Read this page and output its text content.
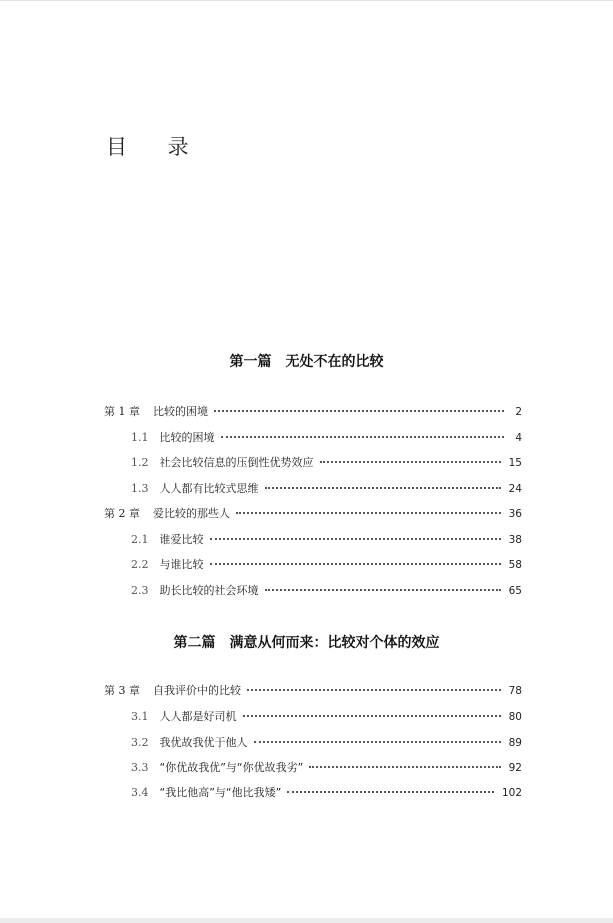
目 录
第一篇　无处不在的比较
第 1 章 比较的困境	2
1.1 比较的困境	4
1.2 社会比较信息的压倒性优势效应	15
1.3 人人都有比较式思维	24
第 2 章 爱比较的那些人	36
2.1 谁爱比较	38
2.2 与谁比较	58
2.3 助长比较的社会环境	65
第二篇　满意从何而来：比较对个体的效应
第 3 章 自我评价中的比较	78
3.1 人人都是好司机	80
3.2 我优故我优于他人	89
3.3 “你优故我优”与“你优故我劣”	92
3.4 “我比他高”与“他比我矮”	102
